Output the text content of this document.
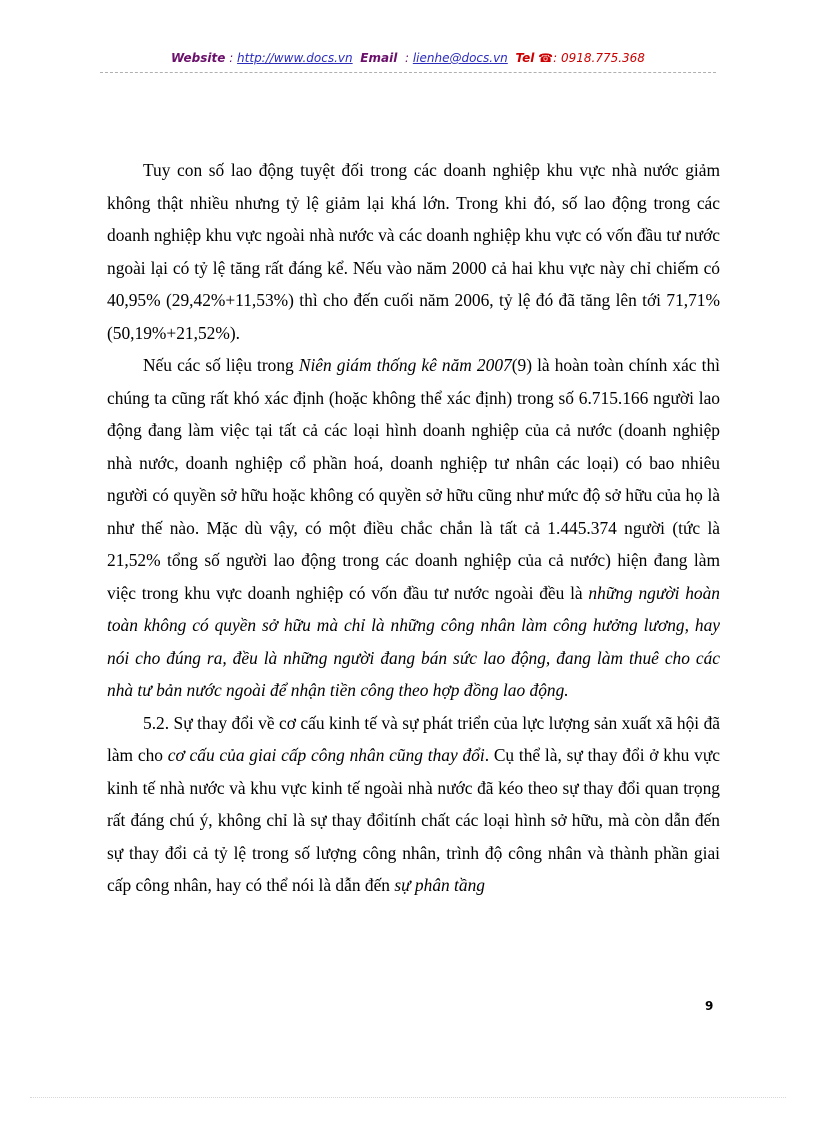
Website : http://www.docs.vn Email  : lienhe@docs.vn Tel ☎: 0918.775.368

Tuy con số lao động tuyệt đối trong các doanh nghiệp khu vực nhà nước giảm không thật nhiều nhưng tỷ lệ giảm lại khá lớn. Trong khi đó, số lao động trong các doanh nghiệp khu vực ngoài nhà nước và các doanh nghiệp khu vực có vốn đầu tư nước ngoài lại có tỷ lệ tăng rất đáng kể. Nếu vào năm 2000 cả hai khu vực này chỉ chiếm có 40,95% (29,42%+11,53%) thì cho đến cuối năm 2006, tỷ lệ đó đã tăng lên tới 71,71% (50,19%+21,52%).

Nếu các số liệu trong Niên giám thống kê năm 2007(9) là hoàn toàn chính xác thì chúng ta cũng rất khó xác định (hoặc không thể xác định) trong số 6.715.166 người lao động đang làm việc tại tất cả các loại hình doanh nghiệp của cả nước (doanh nghiệp nhà nước, doanh nghiệp cổ phần hoá, doanh nghiệp tư nhân các loại) có bao nhiêu người có quyền sở hữu hoặc không có quyền sở hữu cũng như mức độ sở hữu của họ là như thế nào. Mặc dù vậy, có một điều chắc chắn là tất cả 1.445.374 người (tức là 21,52% tổng số người lao động trong các doanh nghiệp của cả nước) hiện đang làm việc trong khu vực doanh nghiệp có vốn đầu tư nước ngoài đều là những người hoàn toàn không có quyền sở hữu mà chỉ là những công nhân làm công hưởng lương, hay nói cho đúng ra, đều là những người đang bán sức lao động, đang làm thuê cho các nhà tư bản nước ngoài để nhận tiền công theo hợp đồng lao động.

5.2. Sự thay đổi về cơ cấu kinh tế và sự phát triển của lực lượng sản xuất xã hội đã làm cho cơ cấu của giai cấp công nhân cũng thay đổi. Cụ thể là, sự thay đổi ở khu vực kinh tế nhà nước và khu vực kinh tế ngoài nhà nước đã kéo theo sự thay đổi quan trọng rất đáng chú ý, không chỉ là sự thay đổitính chất các loại hình sở hữu, mà còn dẫn đến sự thay đổi cả tỷ lệ trong số lượng công nhân, trình độ công nhân và thành phần giai cấp công nhân, hay có thể nói là dẫn đến sự phân tầng

9
